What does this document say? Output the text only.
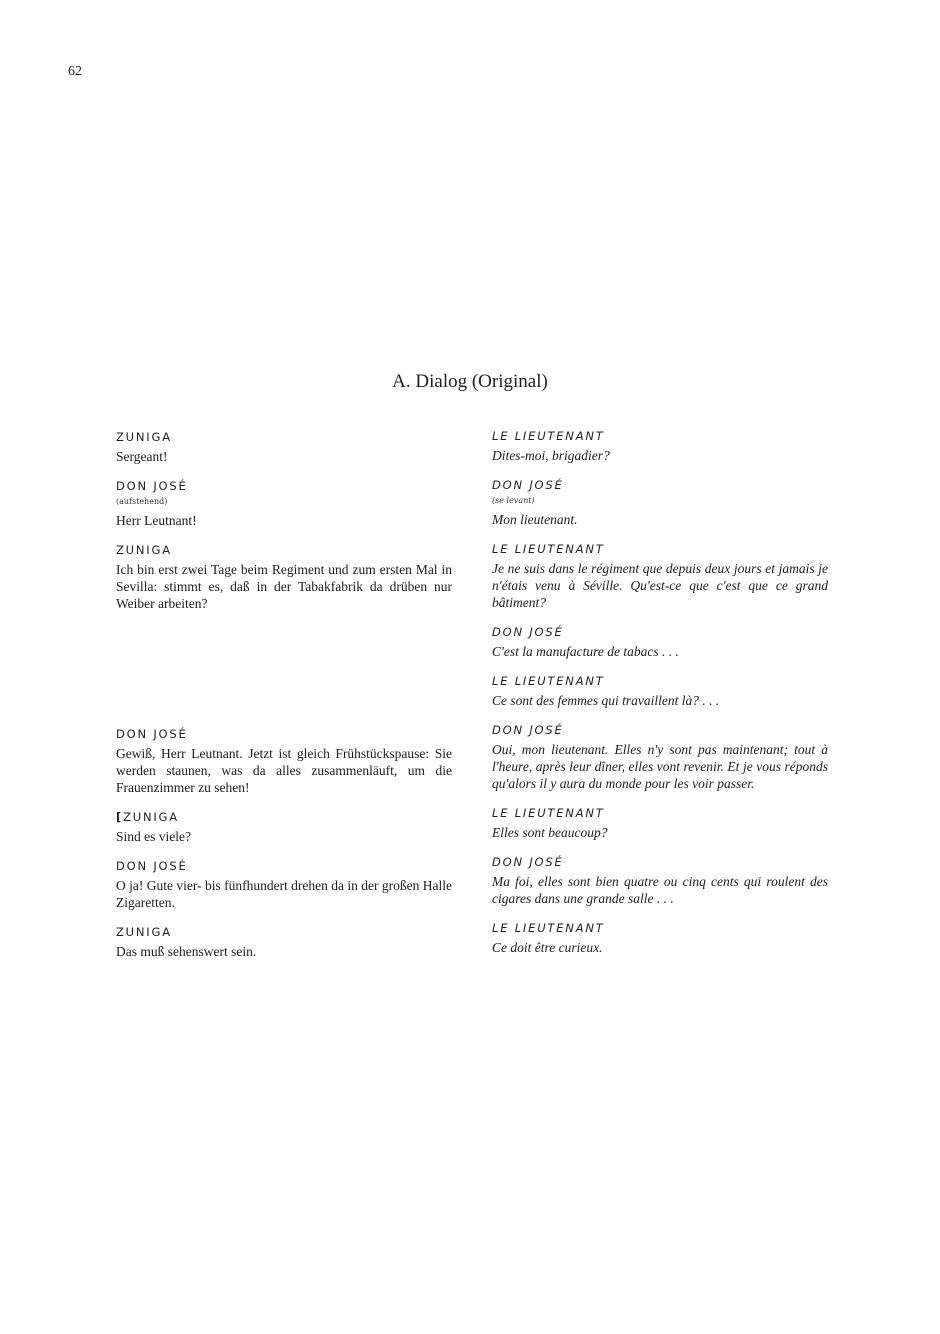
62
A. Dialog (Original)

ZUNIGA

Sergeant!

DON JOSÉ

(aufstehend)

Herr Leutnant!

ZUNIGA

Ich bin erst zwei Tage beim Regiment und zum ersten Mal in Sevilla: stimmt es, daß in der Tabakfabrik da drüben nur Weiber arbeiten?

DON JOSÉ

Gewiß, Herr Leutnant. Jetzt ist gleich Frühstückspause: Sie werden staunen, was da alles zusammenläuft, um die Frauenzimmer zu sehen!

[ZUNIGA

Sind es viele?

DON JOSÉ

O ja! Gute vier- bis fünfhundert drehen da in der großen Halle Zigaretten.

ZUNIGA

Das muß sehenswert sein.

LE LIEUTENANT

Dites-moi, brigadier?

DON JOSÉ

(se levant)

Mon lieutenant.

LE LIEUTENANT

Je ne suis dans le régiment que depuis deux jours et jamais je n'étais venu à Séville. Qu'est-ce que c'est que ce grand bâtiment?

DON JOSÉ

C'est la manufacture de tabacs . . .

LE LIEUTENANT

Ce sont des femmes qui travaillent là? . . .

DON JOSÉ

Oui, mon lieutenant. Elles n'y sont pas maintenant; tout à l'heure, après leur dîner, elles vont revenir. Et je vous réponds qu'alors il y aura du monde pour les voir passer.

LE LIEUTENANT

Elles sont beaucoup?

DON JOSÉ

Ma foi, elles sont bien quatre ou cinq cents qui roulent des cigares dans une grande salle . . .

LE LIEUTENANT

Ce doit être curieux.
